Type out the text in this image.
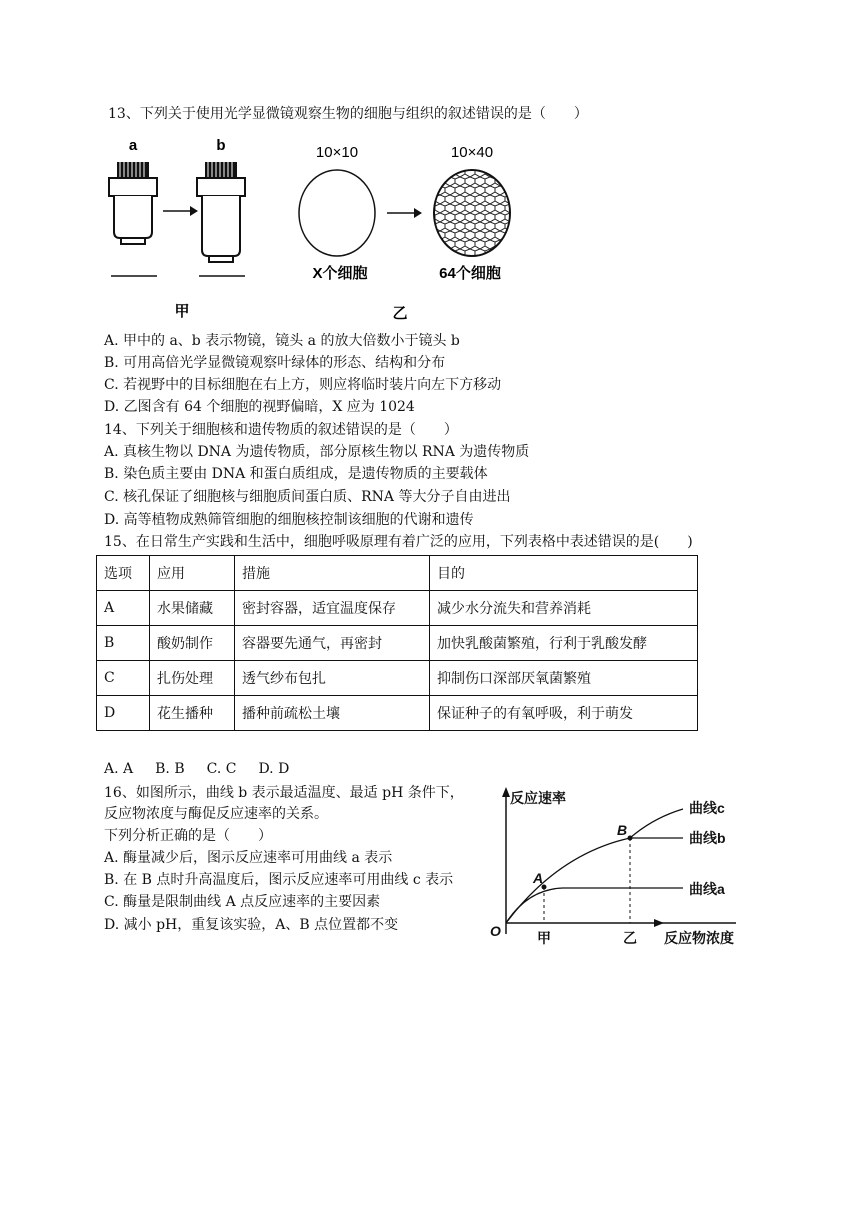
13、下列关于使用光学显微镜观察生物的细胞与组织的叙述错误的是（　　）
a	b	10×10	10×40
X个细胞	64个细胞
甲	乙
A. 甲中的 a、b 表示物镜，镜头 a 的放大倍数小于镜头 b
B. 可用高倍光学显微镜观察叶绿体的形态、结构和分布
C. 若视野中的目标细胞在右上方，则应将临时装片向左下方移动
D. 乙图含有 64 个细胞的视野偏暗，X 应为 1024
14、下列关于细胞核和遗传物质的叙述错误的是（　　）
A. 真核生物以 DNA 为遗传物质，部分原核生物以 RNA 为遗传物质
B. 染色质主要由 DNA 和蛋白质组成，是遗传物质的主要载体
C. 核孔保证了细胞核与细胞质间蛋白质、RNA 等大分子自由进出
D. 高等植物成熟筛管细胞的细胞核控制该细胞的代谢和遗传
15、在日常生产实践和生活中，细胞呼吸原理有着广泛的应用，下列表格中表述错误的是(　　)
选项	应用	措施	目的
A	水果储藏	密封容器，适宜温度保存	减少水分流失和营养消耗
B	酸奶制作	容器要先通气，再密封	加快乳酸菌繁殖，行利于乳酸发酵
C	扎伤处理	透气纱布包扎	抑制伤口深部厌氧菌繁殖
D	花生播种	播种前疏松土壤	保证种子的有氧呼吸，利于萌发
A. A B. B C. C D. D
16、如图所示，曲线 b 表示最适温度、最适 pH 条件下，
反应物浓度与酶促反应速率的关系。
下列分析正确的是（　　）
A. 酶量减少后，图示反应速率可用曲线 a 表示
B. 在 B 点时升高温度后，图示反应速率可用曲线 c 表示
C. 酶量是限制曲线 A 点反应速率的主要因素
D. 减小 pH，重复该实验，A、B 点位置都不变
反应速率
反应物浓度
O	甲	乙
A
B
曲线c
曲线b
曲线a
